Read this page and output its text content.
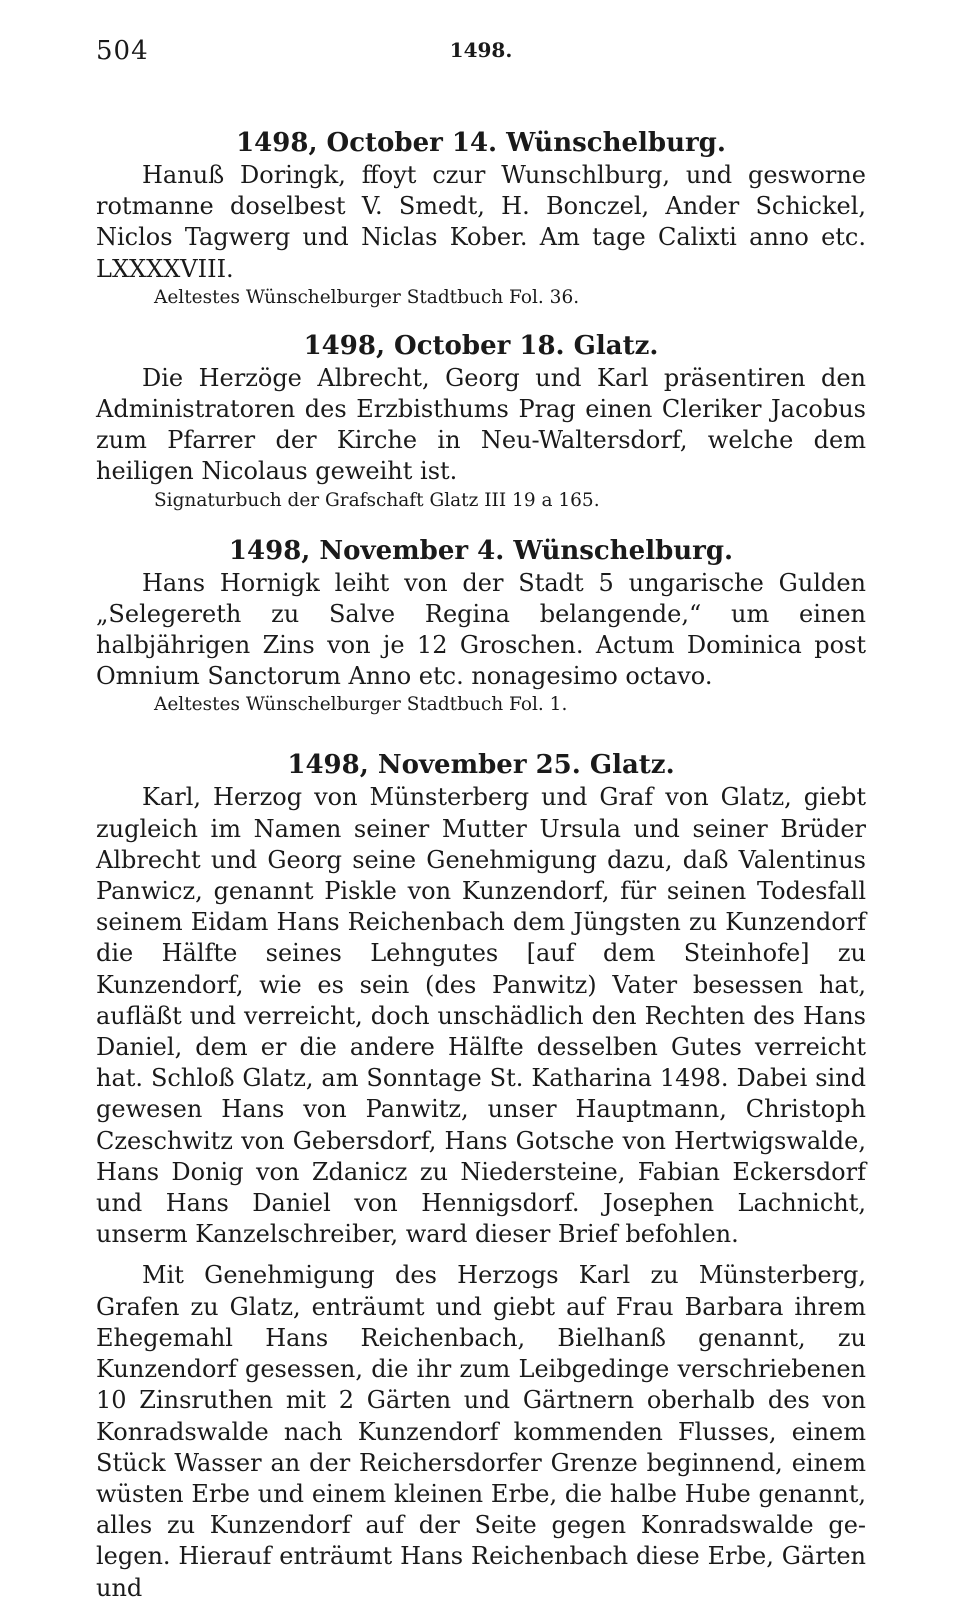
504	1498.
1498, October 14. Wünschelburg.

Hanuß Doringk, ffoyt czur Wunschlburg, und gesworne rotmanne doselbest V. Smedt, H. Bonczel, Ander Schickel, Niclos Tagwerg und Niclas Kober. Am tage Calixti anno etc. LXXXXVIII.

Aeltestes Wünschelburger Stadtbuch Fol. 36.

1498, October 18. Glatz.

Die Herzöge Albrecht, Georg und Karl präsentiren den Administratoren des Erzbisthums Prag einen Cleriker Jacobus zum Pfarrer der Kirche in Neu-Waltersdorf, welche dem heiligen Nicolaus geweiht ist.

Signaturbuch der Grafschaft Glatz III 19 a 165.

1498, November 4. Wünschelburg.

Hans Hornigk leiht von der Stadt 5 ungarische Gulden „Selegereth zu Salve Regina belangende,“ um einen halbjährigen Zins von je 12 Groschen. Actum Dominica post Omnium Sanctorum Anno etc. nonagesimo octavo.

Aeltestes Wünschelburger Stadtbuch Fol. 1.

1498, November 25. Glatz.

Karl, Herzog von Münsterberg und Graf von Glatz, giebt zugleich im Namen seiner Mutter Ursula und seiner Brüder Albrecht und Georg seine Genehmigung dazu, daß Valentinus Panwicz, genannt Piskle von Kunzendorf, für seinen Todesfall seinem Eidam Hans Reichenbach dem Jüngsten zu Kunzendorf die Hälfte seines Lehngutes [auf dem Steinhofe] zu Kunzendorf, wie es sein (des Panwitz) Vater besessen hat, aufläßt und verreicht, doch unschädlich den Rechten des Hans Daniel, dem er die andere Hälfte desselben Gutes verreicht hat. Schloß Glatz, am Sonntage St. Katharina 1498. Dabei sind gewesen Hans von Panwitz, unser Hauptmann, Christoph Czeschwitz von Gebersdorf, Hans Gotsche von Hertwigswalde, Hans Donig von Zdanicz zu Niedersteine, Fabian Eckersdorf und Hans Daniel von Hennigsdorf. Josephen Lachnicht, unserm Kanzelschreiber, ward dieser Brief befohlen.

Mit Genehmigung des Herzogs Karl zu Münsterberg, Grafen zu Glatz, enträumt und giebt auf Frau Barbara ihrem Ehegemahl Hans Reichenbach, Bielhanß genannt, zu Kunzendorf gesessen, die ihr zum Leibgedinge verschriebenen 10 Zinsruthen mit 2 Gärten und Gärtnern oberhalb des von Konradswalde nach Kunzendorf kommenden Flusses, einem Stück Wasser an der Reichersdorfer Grenze beginnend, einem wüsten Erbe und einem kleinen Erbe, die halbe Hube genannt, alles zu Kunzendorf auf der Seite gegen Konradswalde gelegen. Hierauf enträumt Hans Reichenbach diese Erbe, Gärten und
